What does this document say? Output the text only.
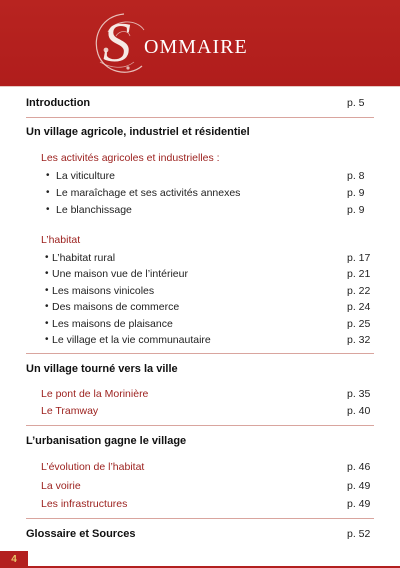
S OMMAIRE
Introduction	p. 5
Un village agricole, industriel et résidentiel
Les activités agricoles et industrielles :
• La viticulture	p. 8
• Le maraîchage et ses activités annexes	p. 9
• Le blanchissage	p. 9
L’habitat
• L’habitat rural	p. 17
• Une maison vue de l’intérieur	p. 21
• Les maisons vinicoles	p. 22
• Des maisons de commerce	p. 24
• Les maisons de plaisance	p. 25
• Le village et la vie communautaire	p. 32
Un village tourné vers la ville
Le pont de la Morinière	p. 35
Le Tramway	p. 40
L’urbanisation gagne le village
L’évolution de l’habitat	p. 46
La voirie	p. 49
Les infrastructures	p. 49
Glossaire et Sources	p. 52
4
